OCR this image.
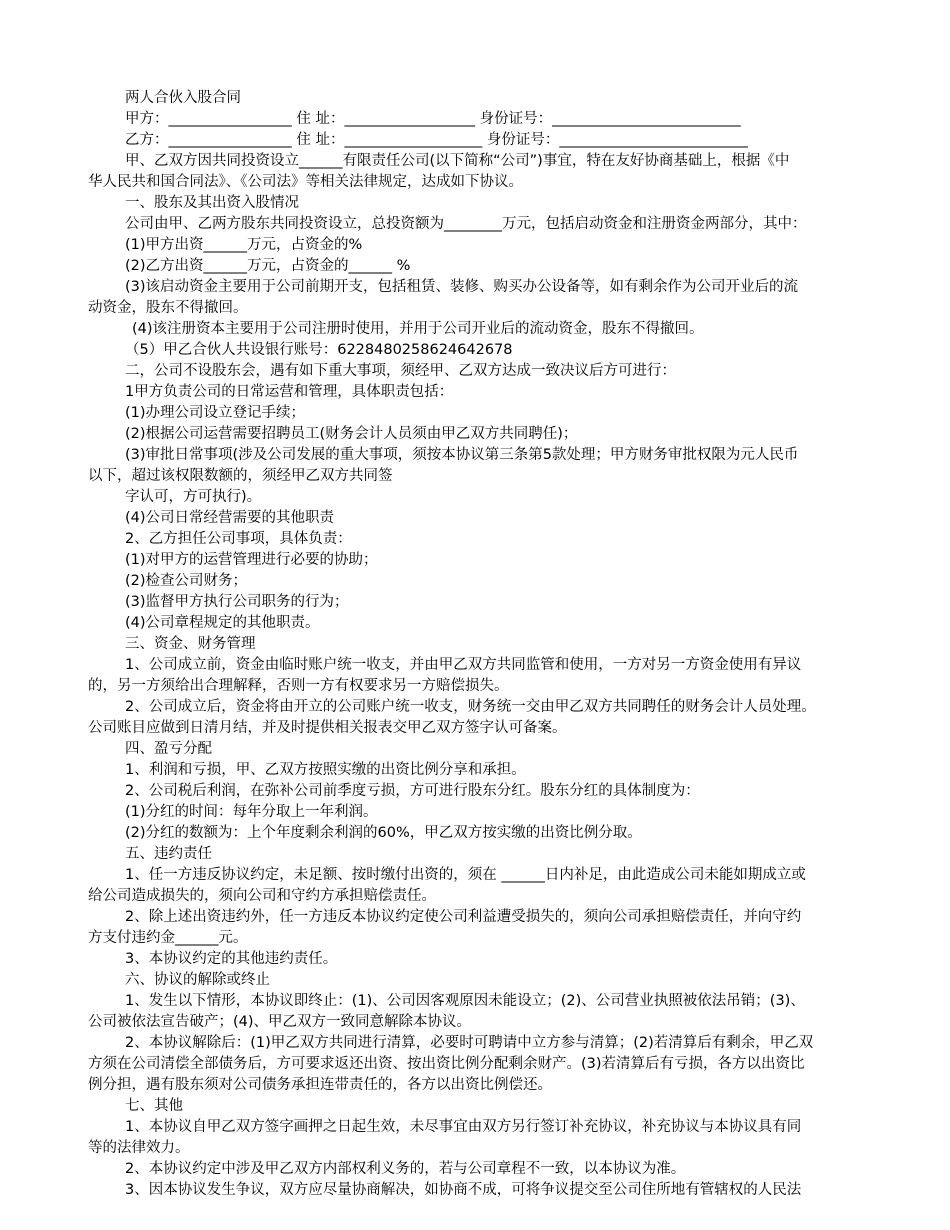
两人合伙入股合同
甲方：_________________ 住 址：__________________ 身份证号：__________________________
乙方：_________________ 住 址：___________________ 身份证号：__________________________
甲、乙双方因共同投资设立______有限责任公司(以下简称“公司”)事宜，特在友好协商基础上，根据《中
华人民共和国合同法》、《公司法》等相关法律规定，达成如下协议。
一、股东及其出资入股情况
公司由甲、乙两方股东共同投资设立，总投资额为________万元，包括启动资金和注册资金两部分，其中：
(1)甲方出资______万元，占资金的%
(2)乙方出资______万元，占资金的______ %
(3)该启动资金主要用于公司前期开支，包括租赁、装修、购买办公设备等，如有剩余作为公司开业后的流
动资金，股东不得撤回。
(4)该注册资本主要用于公司注册时使用，并用于公司开业后的流动资金，股东不得撤回。
（5）甲乙合伙人共设银行账号：6228480258624642678
二，公司不设股东会，遇有如下重大事项，须经甲、乙双方达成一致决议后方可进行：
1甲方负责公司的日常运营和管理，具体职责包括：
(1)办理公司设立登记手续；
(2)根据公司运营需要招聘员工(财务会计人员须由甲乙双方共同聘任)；
(3)审批日常事项(涉及公司发展的重大事项，须按本协议第三条第5款处理；甲方财务审批权限为元人民币
以下，超过该权限数额的，须经甲乙双方共同签
字认可，方可执行)。
(4)公司日常经营需要的其他职责
2、乙方担任公司事项，具体负责：
(1)对甲方的运营管理进行必要的协助；
(2)检查公司财务；
(3)监督甲方执行公司职务的行为；
(4)公司章程规定的其他职责。
三、资金、财务管理
1、公司成立前，资金由临时账户统一收支，并由甲乙双方共同监管和使用，一方对另一方资金使用有异议
的，另一方须给出合理解释，否则一方有权要求另一方赔偿损失。
2、公司成立后，资金将由开立的公司账户统一收支，财务统一交由甲乙双方共同聘任的财务会计人员处理。
公司账目应做到日清月结，并及时提供相关报表交甲乙双方签字认可备案。
四、盈亏分配
1、利润和亏损，甲、乙双方按照实缴的出资比例分享和承担。
2、公司税后利润，在弥补公司前季度亏损，方可进行股东分红。股东分红的具体制度为：
(1)分红的时间：每年分取上一年利润。
(2)分红的数额为：上个年度剩余利润的60%，甲乙双方按实缴的出资比例分取。
五、违约责任
1、任一方违反协议约定，未足额、按时缴付出资的，须在 ______日内补足，由此造成公司未能如期成立或
给公司造成损失的，须向公司和守约方承担赔偿责任。
2、除上述出资违约外，任一方违反本协议约定使公司利益遭受损失的，须向公司承担赔偿责任，并向守约
方支付违约金______元。
3、本协议约定的其他违约责任。
六、协议的解除或终止
1、发生以下情形，本协议即终止：(1)、公司因客观原因未能设立；(2)、公司营业执照被依法吊销；(3)、
公司被依法宣告破产；(4)、甲乙双方一致同意解除本协议。
2、本协议解除后：(1)甲乙双方共同进行清算，必要时可聘请中立方参与清算；(2)若清算后有剩余，甲乙双
方须在公司清偿全部债务后，方可要求返还出资、按出资比例分配剩余财产。(3)若清算后有亏损，各方以出资比
例分担，遇有股东须对公司债务承担连带责任的，各方以出资比例偿还。
七、其他
1、本协议自甲乙双方签字画押之日起生效，未尽事宜由双方另行签订补充协议，补充协议与本协议具有同
等的法律效力。
2、本协议约定中涉及甲乙双方内部权利义务的，若与公司章程不一致，以本协议为准。
3、因本协议发生争议，双方应尽量协商解决，如协商不成，可将争议提交至公司住所地有管辖权的人民法
